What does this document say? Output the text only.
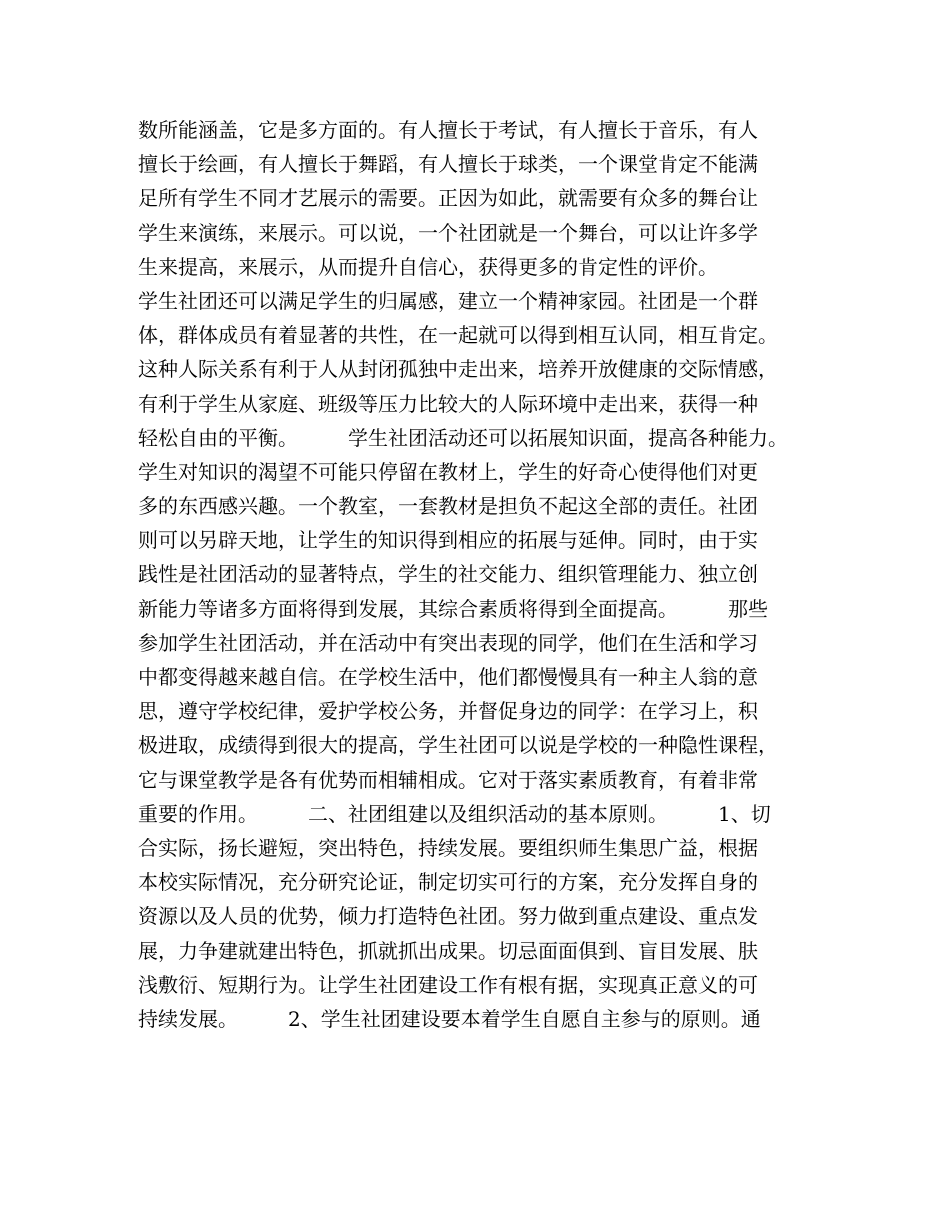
数所能涵盖，它是多方面的。有人擅长于考试，有人擅长于音乐，有人
擅长于绘画，有人擅长于舞蹈，有人擅长于球类，一个课堂肯定不能满
足所有学生不同才艺展示的需要。正因为如此，就需要有众多的舞台让
学生来演练，来展示。可以说，一个社团就是一个舞台，可以让许多学
生来提高，来展示，从而提升自信心，获得更多的肯定性的评价。
学生社团还可以满足学生的归属感，建立一个精神家园。社团是一个群
体，群体成员有着显著的共性，在一起就可以得到相互认同，相互肯定。
这种人际关系有利于人从封闭孤独中走出来，培养开放健康的交际情感，
有利于学生从家庭、班级等压力比较大的人际环境中走出来，获得一种
轻松自由的平衡。　　　学生社团活动还可以拓展知识面，提高各种能力。
学生对知识的渴望不可能只停留在教材上，学生的好奇心使得他们对更
多的东西感兴趣。一个教室，一套教材是担负不起这全部的责任。社团
则可以另辟天地，让学生的知识得到相应的拓展与延伸。同时，由于实
践性是社团活动的显著特点，学生的社交能力、组织管理能力、独立创
新能力等诸多方面将得到发展，其综合素质将得到全面提高。　　　那些
参加学生社团活动，并在活动中有突出表现的同学，他们在生活和学习
中都变得越来越自信。在学校生活中，他们都慢慢具有一种主人翁的意
思，遵守学校纪律，爱护学校公务，并督促身边的同学：在学习上，积
极进取，成绩得到很大的提高，学生社团可以说是学校的一种隐性课程，
它与课堂教学是各有优势而相辅相成。它对于落实素质教育，有着非常
重要的作用。　　　二、社团组建以及组织活动的基本原则。　　　1、切
合实际，扬长避短，突出特色，持续发展。要组织师生集思广益，根据
本校实际情况，充分研究论证，制定切实可行的方案，充分发挥自身的
资源以及人员的优势，倾力打造特色社团。努力做到重点建设、重点发
展，力争建就建出特色，抓就抓出成果。切忌面面俱到、盲目发展、肤
浅敷衍、短期行为。让学生社团建设工作有根有据，实现真正意义的可
持续发展。　　　2、学生社团建设要本着学生自愿自主参与的原则。通
